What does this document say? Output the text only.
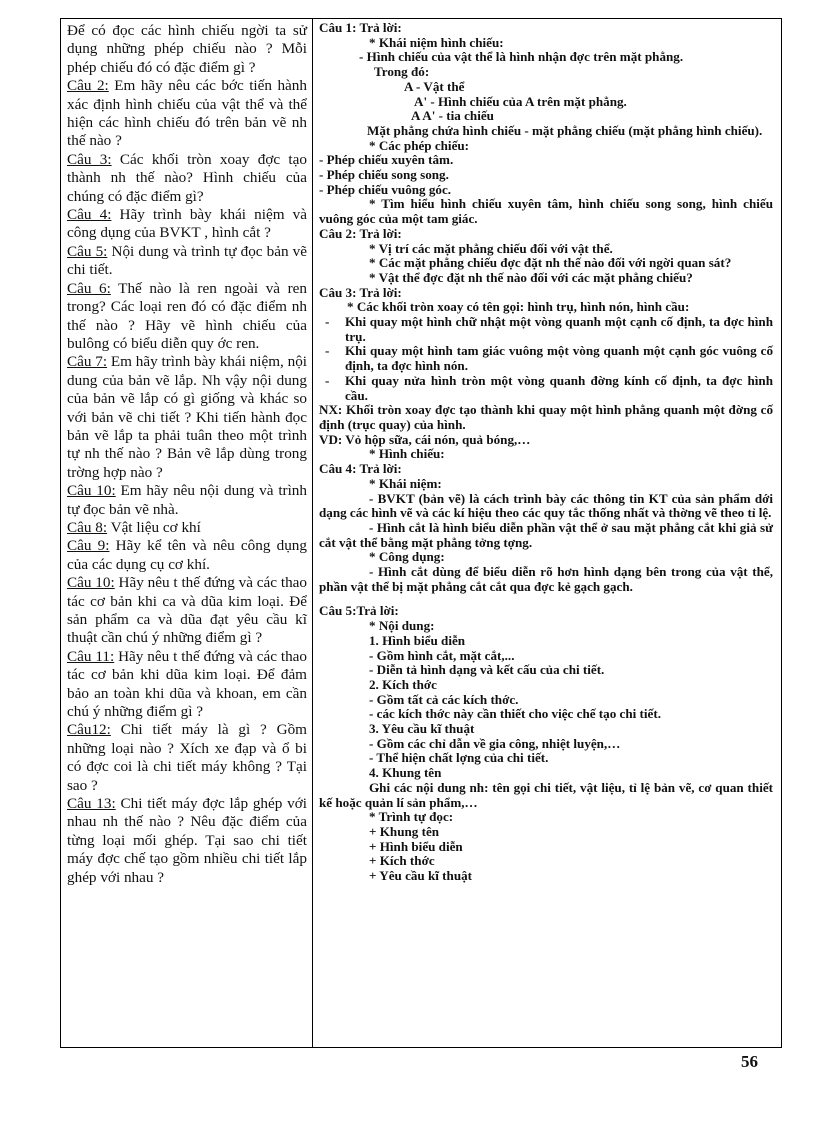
Để có đọc các hình chiếu ngời ta sử dụng những phép chiếu nào ? Mỗi phép chiếu đó có đặc điểm gì ?

Câu 2: Em hãy nêu các bớc tiến hành xác định hình chiếu của vật thể và thể hiện các hình chiếu đó trên bản vẽ nh thế nào ?

Câu 3: Các khối tròn xoay đợc tạo thành nh thế nào? Hình chiếu của chúng có đặc điểm gì?

Câu 4: Hãy trình bày khái niệm và công dụng của BVKT , hình cắt ?

Câu 5: Nội dung và trình tự đọc bản vẽ chi tiết.

Câu 6: Thế nào là ren ngoài và ren trong? Các loại ren đó có đặc điểm nh thế nào ? Hãy vẽ hình chiếu của bulông có biểu diễn quy ớc ren.

Câu 7: Em hãy trình bày khái niệm, nội dung của bản vẽ lắp. Nh vậy nội dung của bản vẽ lắp có gì giống và khác so với bản vẽ chi tiết ? Khi tiến hành đọc bản vẽ lắp ta phải tuân theo một trình tự nh thế nào ? Bản vẽ lắp dùng trong trờng hợp nào ?

Câu 10: Em hãy nêu nội dung và trình tự đọc bản vẽ nhà.

Câu 8: Vật liệu cơ khí

Câu 9: Hãy kể tên và nêu công dụng của các dụng cụ cơ khí.

Câu 10: Hãy nêu t thế đứng và các thao tác cơ bản khi ca và dũa kim loại. Để sản phẩm ca và dũa đạt yêu cầu kĩ thuật cần chú ý những điểm gì ?

Câu 11: Hãy nêu t thế đứng và các thao tác cơ bản khi dũa kim loại. Để đảm bảo an toàn khi dũa và khoan, em cần chú ý những điểm gì ?

Câu12: Chi tiết máy là gì ? Gồm những loại nào ? Xích xe đạp và ổ bi có đợc coi là chi tiết máy không ? Tại sao ?

Câu 13: Chi tiết máy đợc lắp ghép với nhau nh thế nào ? Nêu đặc điểm của từng loại mối ghép. Tại sao chi tiết máy đợc chế tạo gồm nhiều chi tiết lắp ghép với nhau ?

Câu 1: Trả lời:

* Khái niệm hình chiếu:

- Hình chiếu của vật thể là hình nhận đợc trên mặt phẳng.

Trong đó:

A - Vật thể

A' - Hình chiếu của A trên mặt phẳng.

A A' - tia chiếu

Mặt phẳng chứa hình chiếu - mặt phẳng chiếu (mặt phẳng hình chiếu).

* Các phép chiếu:

- Phép chiếu xuyên tâm.

- Phép chiếu song song.

- Phép chiếu vuông góc.

* Tìm hiểu hình chiếu xuyên tâm, hình chiếu song song, hình chiếu vuông góc của một tam giác.

Câu 2: Trả lời:

* Vị trí các mặt phẳng chiếu đối với vật thể.

* Các mặt phẳng chiếu đợc đặt nh thế nào đối với ngời quan sát?

* Vật thể đợc đặt nh thế nào đối với các mặt phẳng chiếu?

Câu 3: Trả lời:

* Các khối tròn xoay có tên gọi: hình trụ, hình nón, hình cầu:

- Khi quay một hình chữ nhật một vòng quanh một cạnh cố định, ta đợc hình trụ.

- Khi quay một hình tam giác vuông một vòng quanh một cạnh góc vuông cố định, ta đợc hình nón.

- Khi quay nửa hình tròn một vòng quanh đờng kính cố định, ta đợc hình cầu.

NX: Khối tròn xoay đợc tạo thành khi quay một hình phẳng quanh một đờng cố định (trục quay) của hình.

VD: Vỏ hộp sữa, cái nón, quả bóng,…

* Hình chiếu:

Câu 4: Trả lời:

* Khái niệm:

- BVKT (bản vẽ) là cách trình bày các thông tin KT của sản phẩm dới dạng các hình vẽ và các kí hiệu theo các quy tắc thống nhất và thờng vẽ theo tỉ lệ.

- Hình cắt là hình biểu diễn phần vật thể ở sau mặt phẳng cắt khi giả sử cắt vật thể bằng mặt phẳng tởng tợng.

* Công dụng:

- Hình cắt dùng để biểu diễn rõ hơn hình dạng bên trong của vật thể, phần vật thể bị mặt phẳng cắt cắt qua đợc kẻ gạch gạch.

Câu 5:Trả lời:

* Nội dung:

1. Hình biểu diễn

- Gồm hình cắt, mặt cắt,...

- Diễn tả hình dạng và kết cấu của chi tiết.

2. Kích thớc

- Gồm tất cả các kích thớc.

- các kích thớc này cần thiết cho việc chế tạo chi tiết.

3. Yêu cầu kĩ thuật

- Gồm các chỉ dẫn về gia công, nhiệt luyện,…

- Thể hiện chất lợng của chi tiết.

4. Khung tên

- Ghi các nội dung nh: tên gọi chi tiết, vật liệu, tỉ lệ bản vẽ, cơ quan thiết kế hoặc quản lí sản phẩm,…

* Trình tự đọc:

+ Khung tên

+ Hình biểu diễn

+ Kích thớc

+ Yêu cầu kĩ thuật

56
